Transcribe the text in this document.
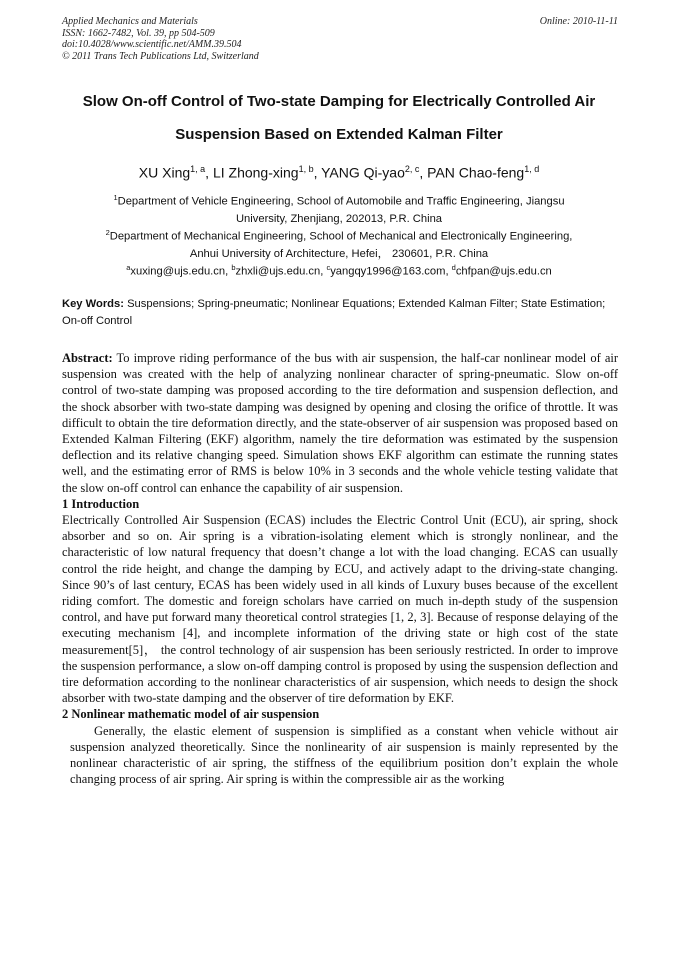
Applied Mechanics and Materials
ISSN: 1662-7482, Vol. 39, pp 504-509
doi:10.4028/www.scientific.net/AMM.39.504
© 2011 Trans Tech Publications Ltd, Switzerland
Online: 2010-11-11
Slow On-off Control of Two-state Damping for Electrically Controlled Air
Suspension Based on Extended Kalman Filter
XU Xing$^{1, a}$, LI Zhong-xing$^{1, b}$, YANG Qi-yao$^{2, c}$, PAN Chao-feng$^{1, d}$
$^1$Department of Vehicle Engineering, School of Automobile and Traffic Engineering, Jiangsu
University, Zhenjiang, 202013, P.R. China
$^2$Department of Mechanical Engineering, School of Mechanical and Electronically Engineering,
Anhui University of Architecture, Hefei， 230601, P.R. China
$^a$xuxing@ujs.edu.cn, $^b$zhxli@ujs.edu.cn, $^c$yangqy1996@163.com, $^d$chfpan@ujs.edu.cn
Key Words: Suspensions; Spring-pneumatic; Nonlinear Equations; Extended Kalman Filter; State Estimation; On-off Control

Abstract: To improve riding performance of the bus with air suspension, the half-car nonlinear model of air suspension was created with the help of analyzing nonlinear character of spring-pneumatic. Slow on-off control of two-state damping was proposed according to the tire deformation and suspension deflection, and the shock absorber with two-state damping was designed by opening and closing the orifice of throttle. It was difficult to obtain the tire deformation directly, and the state-observer of air suspension was proposed based on Extended Kalman Filtering (EKF) algorithm, namely the tire deformation was estimated by the suspension deflection and its relative changing speed. Simulation shows EKF algorithm can estimate the running states well, and the estimating error of RMS is below 10% in 3 seconds and the whole vehicle testing validate that the slow on-off control can enhance the capability of air suspension.

1 Introduction

Electrically Controlled Air Suspension (ECAS) includes the Electric Control Unit (ECU), air spring, shock absorber and so on. Air spring is a vibration-isolating element which is strongly nonlinear, and the characteristic of low natural frequency that doesn’t change a lot with the load changing. ECAS can usually control the ride height, and change the damping by ECU, and actively adapt to the driving-state changing. Since 90’s of last century, ECAS has been widely used in all kinds of Luxury buses because of the excellent riding comfort. The domestic and foreign scholars have carried on much in-depth study of the suspension control, and have put forward many theoretical control strategies [1, 2, 3]. Because of response delaying of the executing mechanism [4], and incomplete information of the driving state or high cost of the state measurement[5]， the control technology of air suspension has been seriously restricted. In order to improve the suspension performance, a slow on-off damping control is proposed by using the suspension deflection and tire deformation according to the nonlinear characteristics of air suspension, which needs to design the shock absorber with two-state damping and the observer of tire deformation by EKF.

2 Nonlinear mathematic model of air suspension

Generally, the elastic element of suspension is simplified as a constant when vehicle without air suspension analyzed theoretically. Since the nonlinearity of air suspension is mainly represented by the nonlinear characteristic of air spring, the stiffness of the equilibrium position don’t explain the whole changing process of air spring. Air spring is within the compressible air as the working
